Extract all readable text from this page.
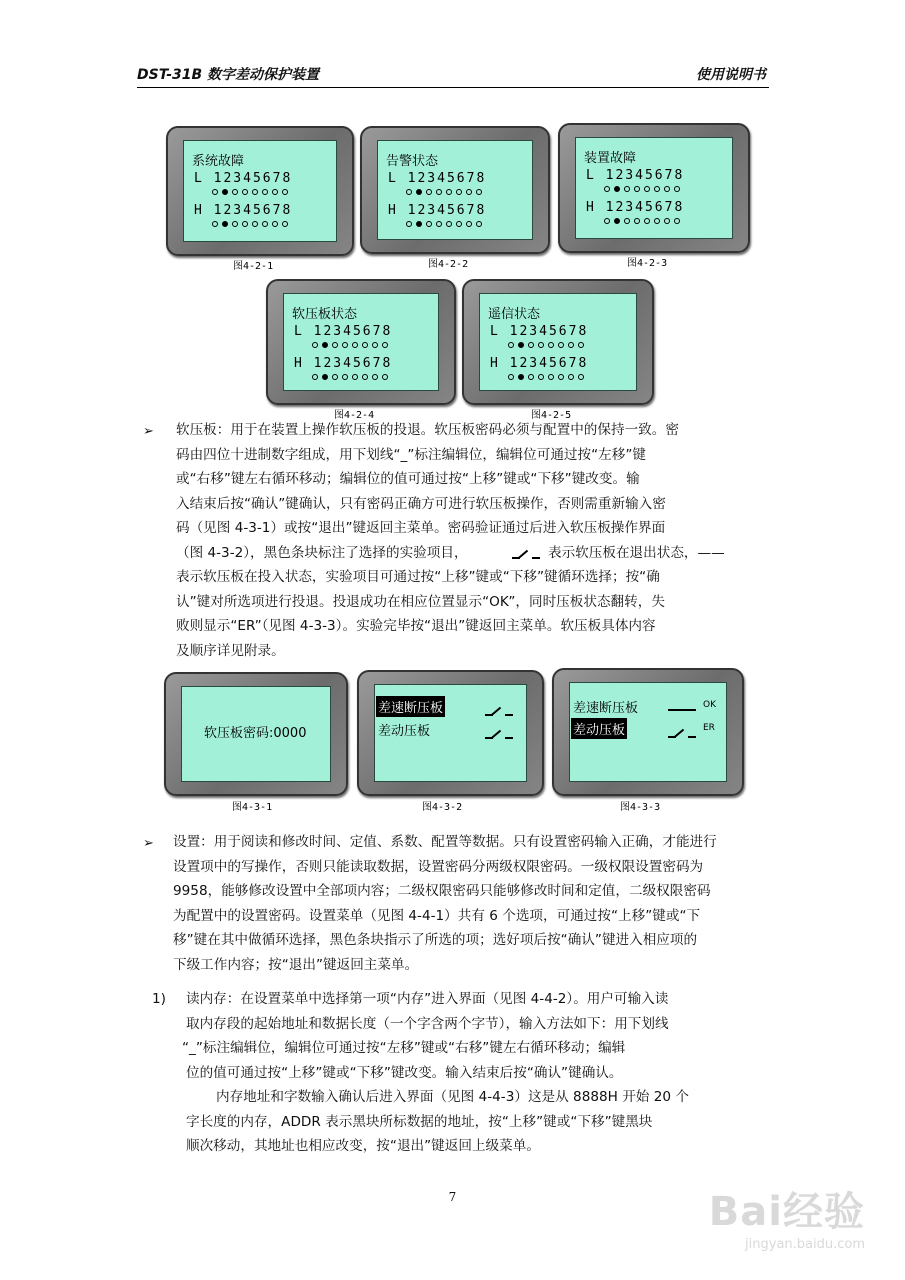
DST-31B 数字差动保护装置	使用说明书
系统故障
L 12345678
H 12345678
图4-2-1
告警状态
L 12345678
H 12345678
图4-2-2
装置故障
L 12345678
H 12345678
图4-2-3
软压板状态
L 12345678
H 12345678
图4-2-4
遥信状态
L 12345678
H 12345678
图4-2-5
➢ 软压板：用于在装置上操作软压板的投退。软压板密码必须与配置中的保持一致。密
码由四位十进制数字组成，用下划线“_”标注编辑位，编辑位可通过按“左移”键
或“右移”键左右循环移动；编辑位的值可通过按“上移”键或“下移”键改变。输
入结束后按“确认”键确认，只有密码正确方可进行软压板操作，否则需重新输入密
码（见图 4-3-1）或按“退出”键返回主菜单。密码验证通过后进入软压板操作界面
（图 4-3-2），黑色条块标注了选择的实验项目，	表示软压板在退出状态，——
表示软压板在投入状态，实验项目可通过按“上移”键或“下移”键循环选择；按“确
认”键对所选项进行投退。投退成功在相应位置显示“OK”，同时压板状态翻转，失
败则显示“ER”（见图 4-3-3）。实验完毕按“退出”键返回主菜单。软压板具体内容
及顺序详见附录。
软压板密码:0000
图4-3-1
差速断压板
差动压板
图4-3-2
差速断压板
差动压板
OK
ER
图4-3-3
➢ 设置：用于阅读和修改时间、定值、系数、配置等数据。只有设置密码输入正确，才能进行
设置项中的写操作，否则只能读取数据，设置密码分两级权限密码。一级权限设置密码为
9958，能够修改设置中全部项内容；二级权限密码只能够修改时间和定值，二级权限密码
为配置中的设置密码。设置菜单（见图 4-4-1）共有 6 个选项，可通过按“上移”键或“下
移”键在其中做循环选择，黑色条块指示了所选的项；选好项后按“确认”键进入相应项的
下级工作内容；按“退出”键返回主菜单。
1) 读内存：在设置菜单中选择第一项“内存”进入界面（见图 4-4-2）。用户可输入读
取内存段的起始地址和数据长度（一个字含两个字节），输入方法如下：用下划线
“_”标注编辑位，编辑位可通过按“左移”键或“右移”键左右循环移动；编辑
位的值可通过按“上移”键或“下移”键改变。输入结束后按“确认”键确认。
内存地址和字数输入确认后进入界面（见图 4-4-3）这是从 8888H 开始 20 个
字长度的内存，ADDR 表示黑块所标数据的地址，按“上移”键或“下移”键黑块
顺次移动，其地址也相应改变，按“退出”键返回上级菜单。
7	Bai经验
jingyan.baidu.com
